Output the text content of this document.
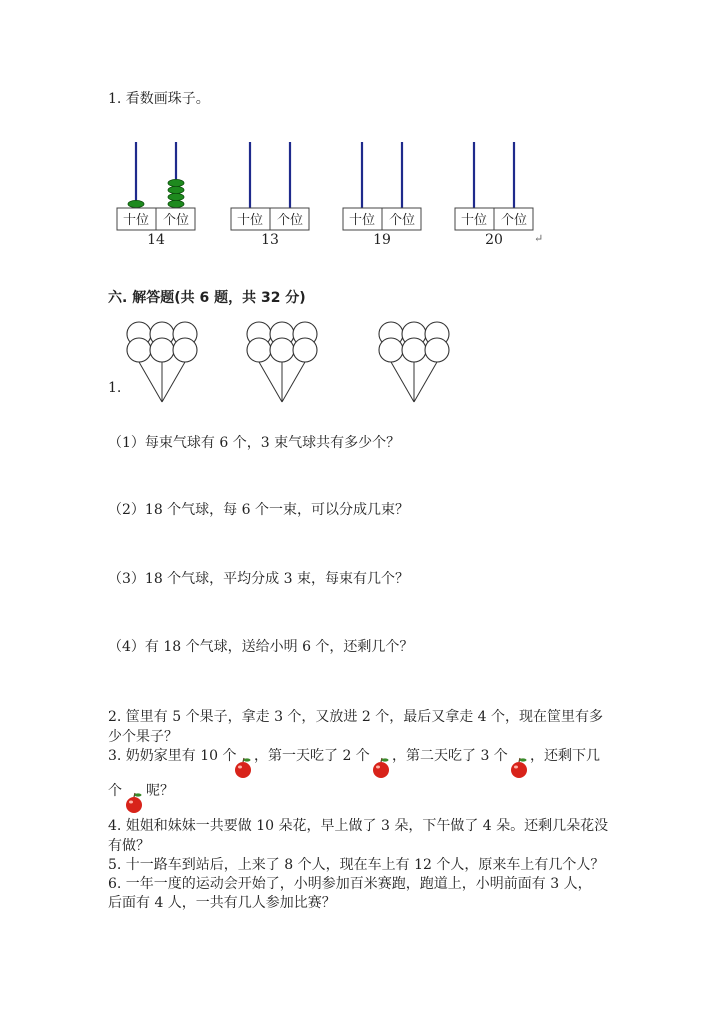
1. 看数画珠子。
十位 个位
14
十位 个位
13
十位 个位
19
十位 个位
20	↵
六. 解答题(共 6 题，共 32 分)
1.
（1）每束气球有 6 个，3 束气球共有多少个？
（2）18 个气球，每 6 个一束，可以分成几束？
（3）18 个气球，平均分成 3 束，每束有几个？
（4）有 18 个气球，送给小明 6 个，还剩几个？
2. 筐里有 5 个果子，拿走 3 个，又放进 2 个，最后又拿走 4 个，现在筐里有多
少个果子？
3. 奶奶家里有 10 个 ，第一天吃了 2 个 ，第二天吃了 3 个 ，还剩下几
个 呢？
4. 姐姐和妹妹一共要做 10 朵花，早上做了 3 朵，下午做了 4 朵。还剩几朵花没
有做？
5. 十一路车到站后，上来了 8 个人，现在车上有 12 个人，原来车上有几个人？
6. 一年一度的运动会开始了，小明参加百米赛跑，跑道上，小明前面有 3 人，
后面有 4 人，一共有几人参加比赛？
